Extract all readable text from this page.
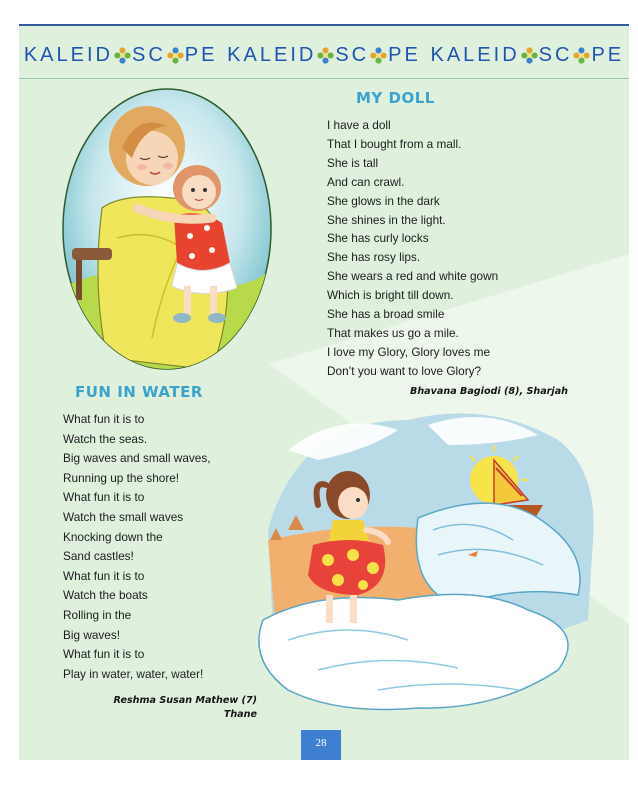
KALEID SC PE KALEID SC PE KALEID SC PE
MY DOLL
I have a doll
That I bought from a mall.
She is tall
And can crawl.
She glows in the dark
She shines in the light.
She has curly locks
She has rosy lips.
She wears a red and white gown
Which is bright till down.
She has a broad smile
That makes us go a mile.
I love my Glory, Glory loves me
Don’t you want to love Glory?
Bhavana Bagiodi (8), Sharjah
FUN IN WATER
What fun it is to
Watch the seas.
Big waves and small waves,
Running up the shore!
What fun it is to
Watch the small waves
Knocking down the
Sand castles!
What fun it is to
Watch the boats
Rolling in the
Big waves!
What fun it is to
Play in water, water, water!
Reshma Susan Mathew (7)
Thane
28
